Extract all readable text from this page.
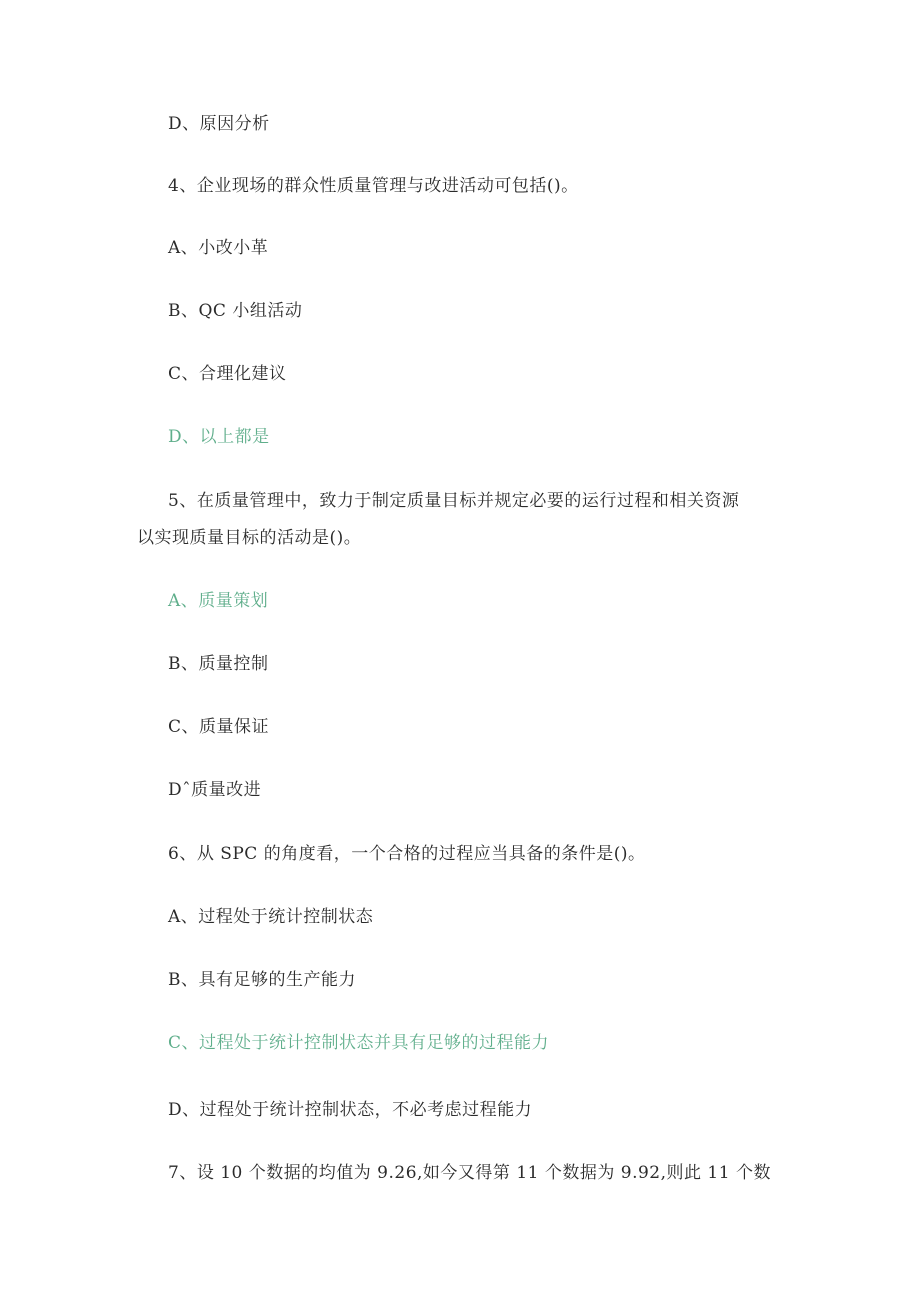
D、原因分析
4、企业现场的群众性质量管理与改进活动可包括()。
A、小改小革
B、QC 小组活动
C、合理化建议
D、以上都是
5、在质量管理中，致力于制定质量目标并规定必要的运行过程和相关资源
以实现质量目标的活动是()。
A、质量策划
B、质量控制
C、质量保证
Dˆ质量改进
6、从 SPC 的角度看，一个合格的过程应当具备的条件是()。
A、过程处于统计控制状态
B、具有足够的生产能力
C、过程处于统计控制状态并具有足够的过程能力
D、过程处于统计控制状态，不必考虑过程能力
7、设 10 个数据的均值为 9.26,如今又得第 11 个数据为 9.92,则此 11 个数
